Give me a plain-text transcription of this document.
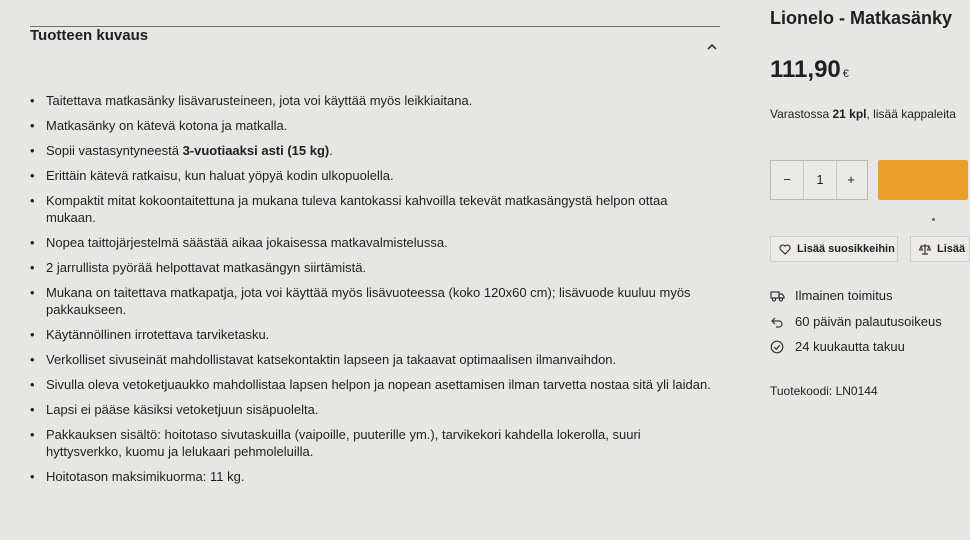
Tuotteen kuvaus
• Taitettava matkasänky lisävarusteineen, jota voi käyttää myös leikkiaitana.
• Matkasänky on kätevä kotona ja matkalla.
• Sopii vastasyntyneestä 3-vuotiaaksi asti (15 kg).
• Erittäin kätevä ratkaisu, kun haluat yöpyä kodin ulkopuolella.
• Kompaktit mitat kokoontaitettuna ja mukana tuleva kantokassi kahvoilla tekevät matkasängystä helpon ottaa mukaan.
• Nopea taittojärjestelmä säästää aikaa jokaisessa matkavalmistelussa.
• 2 jarrullista pyörää helpottavat matkasängyn siirtämistä.
• Mukana on taitettava matkapatja, jota voi käyttää myös lisävuoteessa (koko 120x60 cm); lisävuode kuuluu myös pakkaukseen.
• Käytännöllinen irrotettava tarviketasku.
• Verkolliset sivuseinät mahdollistavat katsekontaktin lapseen ja takaavat optimaalisen ilmanvaihdon.
• Sivulla oleva vetoketjuaukko mahdollistaa lapsen helpon ja nopean asettamisen ilman tarvetta nostaa sitä yli laidan.
• Lapsi ei pääse käsiksi vetoketjuun sisäpuolelta.
• Pakkauksen sisältö: hoitotaso sivutaskuilla (vaipoille, puuterille ym.), tarvikekori kahdella lokerolla, suuri hyttysverkko, kuomu ja lelukaari pehmoleluilla.
• Hoitotason maksimikuorma: 11 kg.
Lionelo - Matkasänky
111,90 €
Varastossa 21 kpl, lisää kappaleita
−	1	+
Lisää suosikkeihin	Lisää
Ilmainen toimitus
60 päivän palautusoikeus
24 kuukautta takuu
Tuotekoodi: LN0144
